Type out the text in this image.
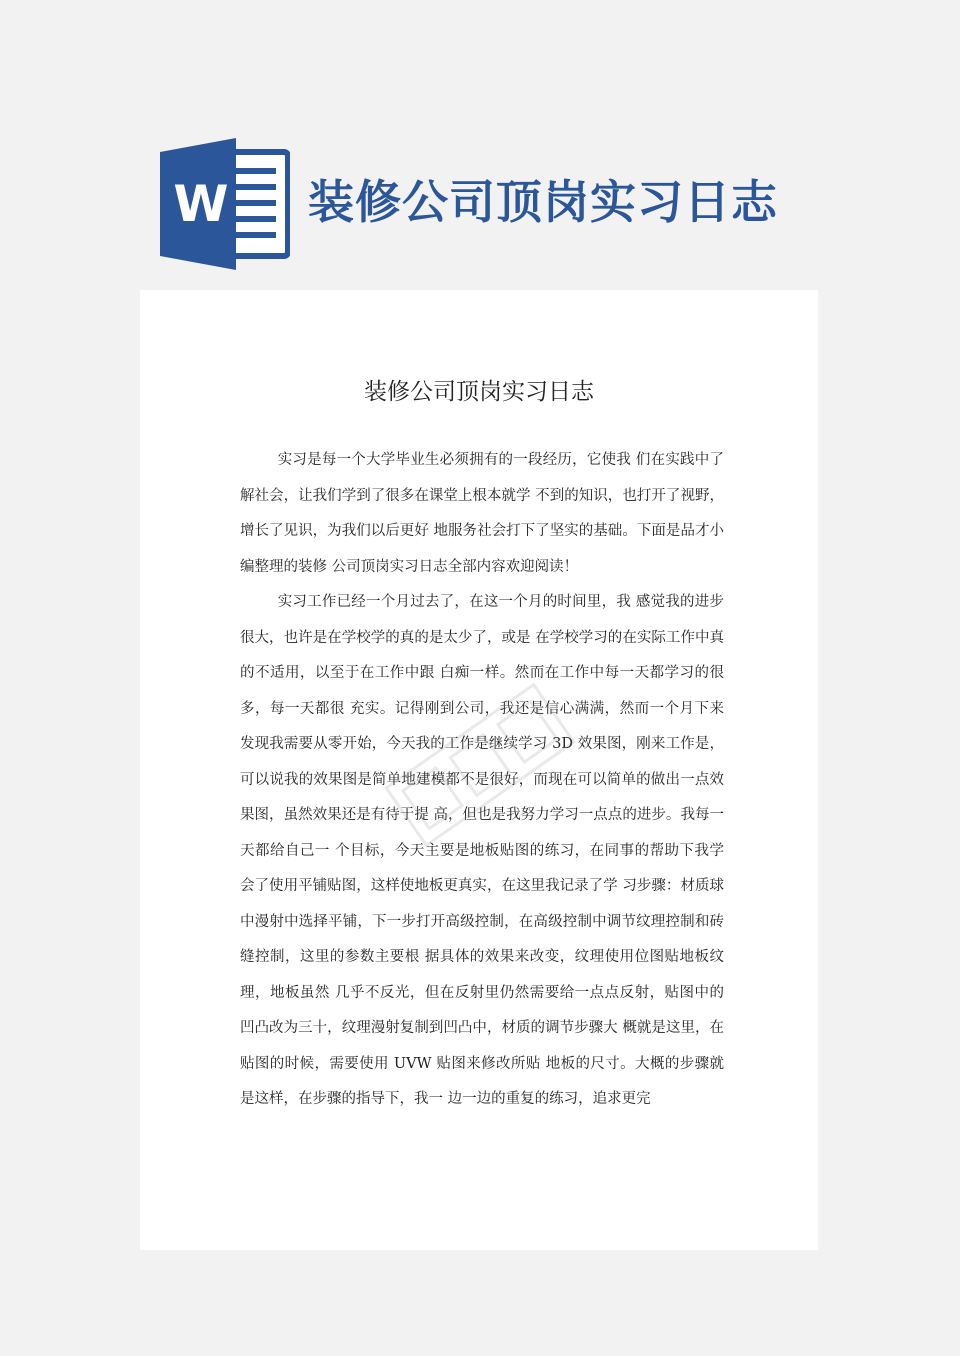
W 装修公司顶岗实习日志
装修公司顶岗实习日志

实习是每一个大学毕业生必须拥有的一段经历，它使我 们在实践中了解社会，让我们学到了很多在课堂上根本就学 不到的知识，也打开了视野，增长了见识，为我们以后更好 地服务社会打下了坚实的基础。下面是品才小编整理的装修 公司顶岗实习日志全部内容欢迎阅读！

实习工作已经一个月过去了，在这一个月的时间里，我 感觉我的进步很大，也许是在学校学的真的是太少了，或是 在学校学习的在实际工作中真的不适用，以至于在工作中跟 白痴一样。然而在工作中每一天都学习的很多，每一天都很 充实。记得刚到公司，我还是信心满满，然而一个月下来 发现我需要从零开始，今天我的工作是继续学习 3D 效果图，刚来工作是，可以说我的效果图是简单地建模都不是很好，而现在可以简单的做出一点效果图，虽然效果还是有待于提 高，但也是我努力学习一点点的进步。我每一天都给自己一 个目标，今天主要是地板贴图的练习，在同事的帮助下我学 会了使用平铺贴图，这样使地板更真实，在这里我记录了学 习步骤：材质球中漫射中选择平铺，下一步打开高级控制，在高级控制中调节纹理控制和砖缝控制，这里的参数主要根 据具体的效果来改变，纹理使用位图贴地板纹理，地板虽然 几乎不反光，但在反射里仍然需要给一点点反射，贴图中的 凹凸改为三十，纹理漫射复制到凹凸中，材质的调节步骤大 概就是这里，在贴图的时候，需要使用 UVW 贴图来修改所贴 地板的尺寸。大概的步骤就是这样，在步骤的指导下，我一 边一边的重复的练习，追求更完
